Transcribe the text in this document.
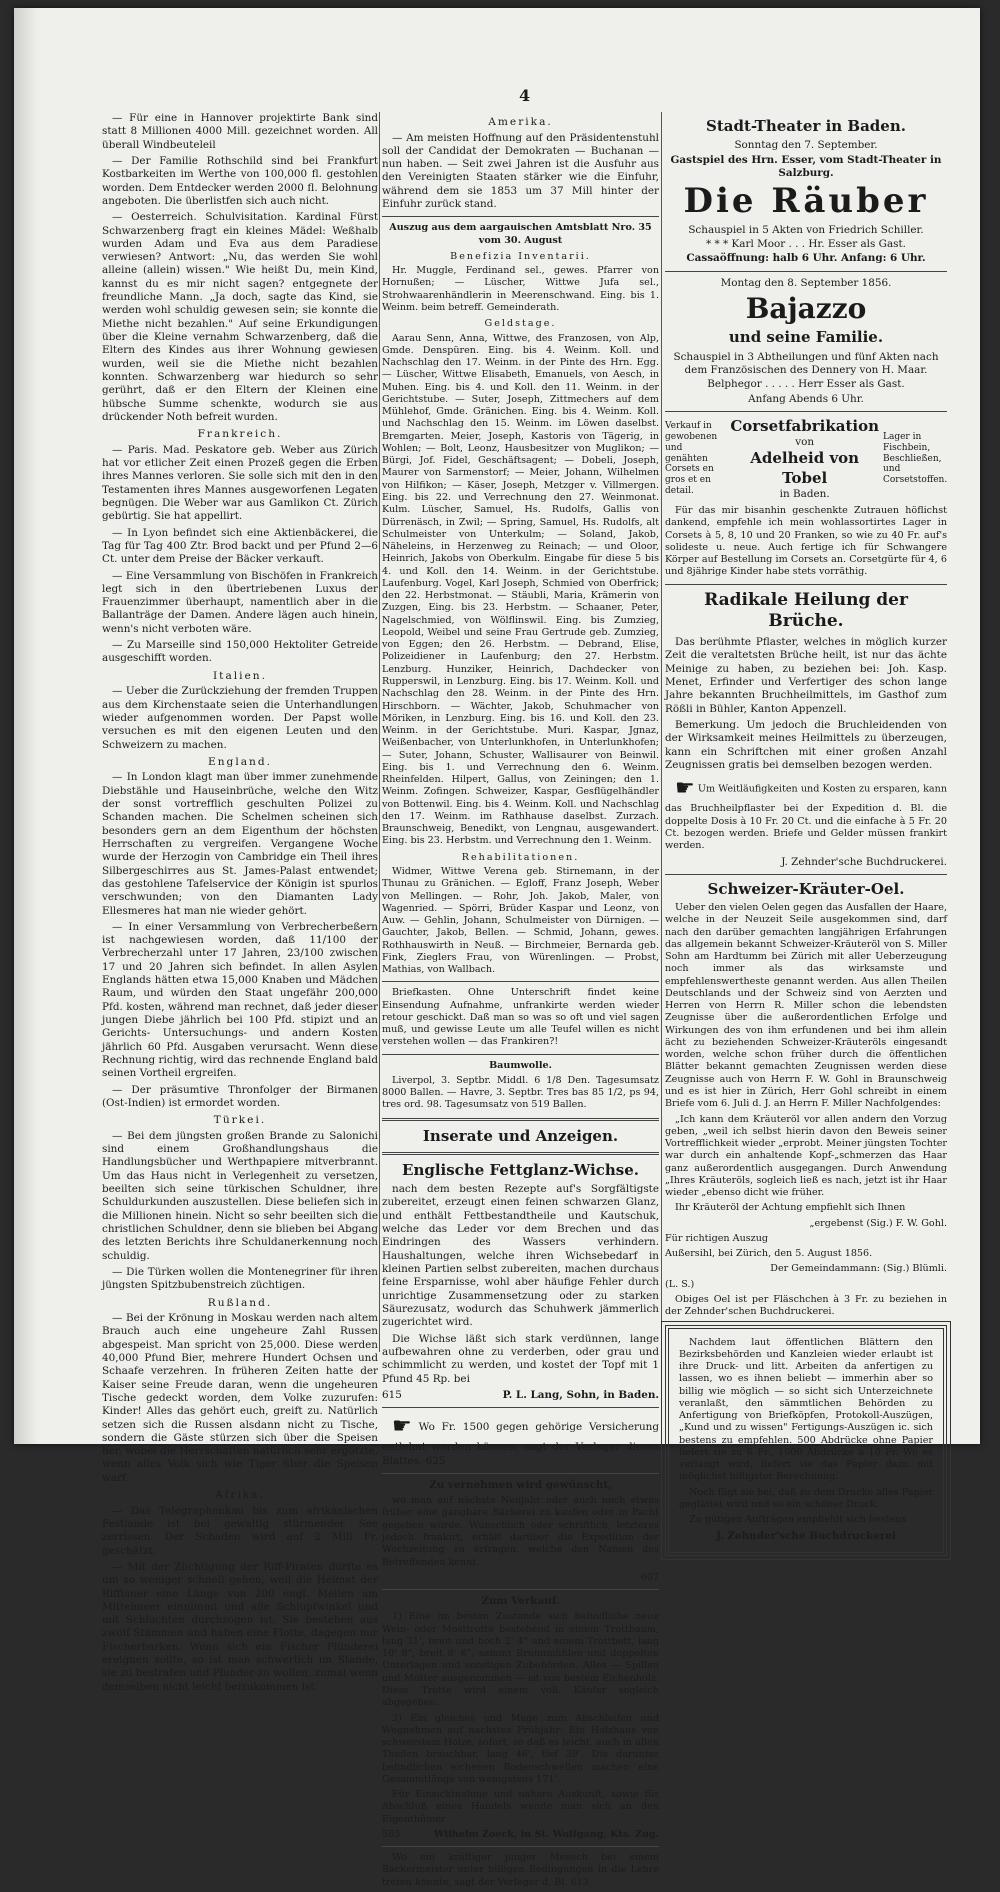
4

— Für eine in Hannover projektirte Bank sind statt 8 Millionen 4000 Mill. gezeichnet worden. All überall Windbeuteleil

— Der Familie Rothschild sind bei Frankfurt Kostbarkeiten im Werthe von 100,000 fl. gestohlen worden. Dem Entdecker werden 2000 fl. Belohnung angeboten. Die überlistfen sich auch nicht.

— Oesterreich. Schulvisitation. Kardinal Fürst Schwarzenberg fragt ein kleines Mädel: Weßhalb wurden Adam und Eva aus dem Paradiese verwiesen? Antwort: „Nu, das werden Sie wohl alleine (allein) wissen." Wie heißt Du, mein Kind, kannst du es mir nicht sagen? entgegnete der freundliche Mann. „Ja doch, sagte das Kind, sie werden wohl schuldig gewesen sein; sie konnte die Miethe nicht bezahlen." Auf seine Erkundigungen über die Kleine vernahm Schwarzenberg, daß die Eltern des Kindes aus ihrer Wohnung gewiesen wurden, weil sie die Miethe nicht bezahlen konnten. Schwarzenberg war hiedurch so sehr gerührt, daß er den Eltern der Kleinen eine hübsche Summe schenkte, wodurch sie aus drückender Noth befreit wurden.

Frankreich.

— Paris. Mad. Peskatore geb. Weber aus Zürich hat vor etlicher Zeit einen Prozeß gegen die Erben ihres Mannes verloren. Sie solle sich mit den in den Testamenten ihres Mannes ausgeworfenen Legaten begnügen. Die Weber war aus Gamlikon Ct. Zürich gebürtig. Sie hat appellirt.

— In Lyon befindet sich eine Aktienbäckerei, die Tag für Tag 400 Ztr. Brod backt und per Pfund 2—6 Ct. unter dem Preise der Bäcker verkauft.

— Eine Versammlung von Bischöfen in Frankreich legt sich in den übertriebenen Luxus der Frauenzimmer überhaupt, namentlich aber in die Ballanträge der Damen. Andere lägen auch hinein, wenn's nicht verboten wäre.

— Zu Marseille sind 150,000 Hektoliter Getreide ausgeschifft worden.

Italien.

— Ueber die Zurückziehung der fremden Truppen aus dem Kirchenstaate seien die Unterhandlungen wieder aufgenommen worden. Der Papst wolle versuchen es mit den eigenen Leuten und den Schweizern zu machen.

England.

— In London klagt man über immer zunehmende Diebstähle und Hauseinbrüche, welche den Witz der sonst vortrefflich geschulten Polizei zu Schanden machen. Die Schelmen scheinen sich besonders gern an dem Eigenthum der höchsten Herrschaften zu vergreifen. Vergangene Woche wurde der Herzogin von Cambridge ein Theil ihres Silbergeschirres aus St. James-Palast entwendet; das gestohlene Tafelservice der Königin ist spurlos verschwunden; von den Diamanten Lady Ellesmeres hat man nie wieder gehört.

— In einer Versammlung von Verbrecherbeßern ist nachgewiesen worden, daß 11/100 der Verbrecherzahl unter 17 Jahren, 23/100 zwischen 17 und 20 Jahren sich befindet. In allen Asylen Englands hätten etwa 15,000 Knaben und Mädchen Raum, und würden den Staat ungefähr 200,000 Pfd. kosten, während man rechnet, daß jeder dieser jungen Diebe jährlich bei 100 Pfd. stipizt und an Gerichts- Untersuchungs- und andern Kosten jährlich 60 Pfd. Ausgaben verursacht. Wenn diese Rechnung richtig, wird das rechnende England bald seinen Vortheil ergreifen.

— Der präsumtive Thronfolger der Birmanen (Ost-Indien) ist ermordet worden.

Türkei.

— Bei dem jüngsten großen Brande zu Salonichi sind einem Großhandlungshaus die Handlungsbücher und Werthpapiere mitverbrannt. Um das Haus nicht in Verlegenheit zu versetzen, beeilten sich seine türkischen Schuldner, ihre Schuldurkunden auszustellen. Diese beliefen sich in die Millionen hinein. Nicht so sehr beeilten sich die christlichen Schuldner, denn sie blieben bei Abgang des letzten Berichts ihre Schuldanerkennung noch schuldig.

— Die Türken wollen die Montenegriner für ihren jüngsten Spitzbubenstreich züchtigen.

Rußland.

— Bei der Krönung in Moskau werden nach altem Brauch auch eine ungeheure Zahl Russen abgespeist. Man spricht von 25,000. Diese werden 40,000 Pfund Bier, mehrere Hundert Ochsen und Schaafe verzehren. In früheren Zeiten hatte der Kaiser seine Freude daran, wenn die ungeheuren Tische gedeckt worden, dem Volke zuzurufen: Kinder! Alles das gehört euch, greift zu. Natürlich setzen sich die Russen alsdann nicht zu Tische, sondern die Gäste stürzen sich über die Speisen her, wobei die Herrschaften natürlich sehr ergötzte, wenn alles Volk sich wie Tiger über die Speisen warf.

Afrika.

— Das Telegraphenkau bis zum afrikanischen Festlande ist bei gewaltig stürmender See zerrissen. Der Schaden wird auf 2 Mill Fr. geschätzt.

— Mit der Züchtigung der Riff-Piraten dürfte es um so weniger schnell gehen, weil die Heimat der Riffianer eine Länge von 200 engl. Meilen am Mittelmeer einnimmt und alle Schlupfwinkel und mit Schluchten durchzogen ist. Sie bestehen aus zwölf Stämmen und haben eine Flotte, dagegen nur Fischerbarken. Wenn sich ein Fischer Plünderei ereignen sollte, so ist man schwerlich im Stande, sie zu bestrafen und Plunder-zu wollen, zumal wenn demselben nicht leicht beizukommen ist.

Amerika.

— Am meisten Hoffnung auf den Präsidentenstuhl soll der Candidat der Demokraten — Buchanan — nun haben. — Seit zwei Jahren ist die Ausfuhr aus den Vereinigten Staaten stärker wie die Einfuhr, während dem sie 1853 um 37 Mill hinter der Einfuhr zurück stand.

Auszug aus dem aargauischen Amtsblatt Nro. 35 vom 30. August
Benefizia Inventarii.

Hr. Muggle, Ferdinand sel., gewes. Pfarrer von Hornußen; — Lüscher, Wittwe Jufa sel., Strohwaarenhändlerin in Meerenschwand. Eing. bis 1. Weinm. beim betreff. Gemeinderath.

Geldstage.

Aarau Senn, Anna, Wittwe, des Franzosen, von Alp, Gmde. Denspüren. Eing. bis 4. Weinm. Koll. und Nachschlag den 17. Weinm. in der Pinte des Hrn. Egg. — Lüscher, Wittwe Elisabeth, Emanuels, von Aesch, in Muhen. Eing. bis 4. und Koll. den 11. Weinm. in der Gerichtstube. — Suter, Joseph, Zittmechers auf dem Mühlehof, Gmde. Gränichen. Eing. bis 4. Weinm. Koll. und Nachschlag den 15. Weinm. im Löwen daselbst. Bremgarten. Meier, Joseph, Kastoris von Tägerig, in Wohlen; — Bolt, Leonz, Hausbesitzer von Muglikon; — Bürgi, Jof. Fidel, Geschäftsagent; — Dobeli, Joseph, Maurer von Sarmenstorf; — Meier, Johann, Wilhelmen von Hilfikon; — Käser, Joseph, Metzger v. Villmergen. Eing. bis 22. und Verrechnung den 27. Weinmonat. Kulm. Lüscher, Samuel, Hs. Rudolfs, Gallis von Dürrenäsch, in Zwil; — Spring, Samuel, Hs. Rudolfs, alt Schulmeister von Unterkulm; — Soland, Jakob, Näheleins, in Herzenweg zu Reinach; — und Oloor, Heinrich, Jakobs von Oberkulm. Eingabe für diese 5 bis 4. und Koll. den 14. Weinm. in der Gerichtstube. Laufenburg. Vogel, Karl Joseph, Schmied von Oberfrick; den 22. Herbstmonat. — Stäubli, Maria, Krämerin von Zuzgen, Eing. bis 23. Herbstm. — Schaaner, Peter, Nagelschmied, von Wölflinswil. Eing. bis Zumzieg, Leopold, Weibel und seine Frau Gertrude geb. Zumzieg, von Eggen; den 26. Herbstm. — Debrand, Elise, Polizeidiener in Laufenburg; den 27. Herbstm. Lenzburg. Hunziker, Heinrich, Dachdecker von Rupperswil, in Lenzburg. Eing. bis 17. Weinm. Koll. und Nachschlag den 28. Weinm. in der Pinte des Hrn. Hirschborn. — Wächter, Jakob, Schuhmacher von Möriken, in Lenzburg. Eing. bis 16. und Koll. den 23. Weinm. in der Gerichtstube. Muri. Kaspar, Jgnaz, Weißenbacher, von Unterlunkhofen, in Unterlunkhofen; — Suter, Johann, Schuster, Wallisaurer von Beinwil. Eing. bis 1. und Verrechnung den 6. Weinm. Rheinfelden. Hilpert, Gallus, von Zeiningen; den 1. Weinm. Zofingen. Schweizer, Kaspar, Gesflügelhändler von Bottenwil. Eing. bis 4. Weinm. Koll. und Nachschlag den 17. Weinm. im Rathhause daselbst. Zurzach. Braunschweig, Benedikt, von Lengnau, ausgewandert. Eing. bis 23. Herbstm. und Verrechnung den 1. Weinm.

Rehabilitationen.

Widmer, Wittwe Verena geb. Stirnemann, in der Thunau zu Gränichen. — Egloff, Franz Joseph, Weber von Mellingen. — Rohr, Joh. Jakob, Maler, von Wagenried. — Spörri, Brüder Kaspar und Leonz, von Auw. — Gehlin, Johann, Schulmeister von Dürnigen. — Gauchter, Jakob, Bellen. — Schmid, Johann, gewes. Rothhauswirth in Neuß. — Birchmeier, Bernarda geb. Fink, Zieglers Frau, von Würenlingen. — Probst, Mathias, von Wallbach.

Briefkasten. Ohne Unterschrift findet keine Einsendung Aufnahme, unfrankirte werden wieder retour geschickt. Daß man so was so oft und viel sagen muß, und gewisse Leute um alle Teufel willen es nicht verstehen wollen — das Frankiren?!

Baumwolle.

Liverpol, 3. Septbr. Middl. 6 1/8 Den. Tagesumsatz 8000 Ballen. — Havre, 3. Septbr. Tres bas 85 1/2, ps 94, tres ord. 98. Tagesumsatz von 519 Ballen.

Inserate und Anzeigen.
Englische Fettglanz-Wichse.

nach dem besten Rezepte auf's Sorgfältigste zubereitet, erzeugt einen feinen schwarzen Glanz, und enthält Fettbestandtheile und Kautschuk, welche das Leder vor dem Brechen und das Eindringen des Wassers verhindern. Haushaltungen, welche ihren Wichsebedarf in kleinen Partien selbst zubereiten, machen durchaus feine Ersparnisse, wohl aber häufige Fehler durch unrichtige Zusammensetzung oder zu starken Säurezusatz, wodurch das Schuhwerk jämmerlich zugerichtet wird.

Die Wichse läßt sich stark verdünnen, lange aufbewahren ohne zu verderben, oder grau und schimmlicht zu werden, und kostet der Topf mit 1 Pfund 45 Rp. bei

615	P. L. Lang, Sohn, in Baden.

☛ Wo Fr. 1500 gegen gehörige Versicherung entlehnt werden können, sagt der Verleger dieses Blattes. 625

Zu vernehmen wird gewünscht,

wo man auf nächste Neujahr oder auch noch etwas früher eine gangbare Bäckerei zu kaufen oder in Pacht gegeben würde. Wünschlich oder schriftlich, letzteres jedoch frankirt, erhält darüber die Expedition der Wochzeitung zu erfragen, welche den Namen des Betreffenden kennt.

607
Zum Verkauf.

1) Eine im besten Zustande sich befindliche neue Wein- oder Mosttrotte bestehend in einem Trottbaum, lang 31', breit und hoch 2' 4" und einem Trottbett, lang 10' 8", breit 8' 6", sammt Brunnmühlen und doppelten Unterlagen und sonstigen Zubehörden. Alles — Spillen und Mutter ausgenommen — ist von bestem Eichenholz. Diese Trotte wird einem voll. Käufer sogleich abgegeben.

2) Ein gleiches und Mage zum Abschleifen und Wegnehmen auf nachstes Frühjahr: Ein Holzhaus von schwerstem Holze, sofort, so daß es leicht, auch in allen Theilen brauchbar, lang 46', tief 39'. Die darunter befindlichen eichenen Bodenschwellen machen eine Gesammtlänge von wenigstens 171'.

Für Einsichtnahme und nähere Auskunft, sowie für Abschluß eines Handels wende man sich an den Eigenthümer

585	Wilhelm Zoeck, in St. Wolfgang, Kts. Zug.

Wo ein kräftiger junger Mensch bei einem Bäckermeister unter billigen Bedingungen in die Lehre treten könnte, sagt der Verleger d. Bl. 613

Stadt-Theater in Baden.

Sonntag den 7. September.

Gastspiel des Hrn. Esser, vom Stadt-Theater in Salzburg.

Die Räuber

Schauspiel in 5 Akten von Friedrich Schiller.

* * * Karl Moor . . . Hr. Esser als Gast.

Cassaöffnung: halb 6 Uhr. Anfang: 6 Uhr.

Montag den 8. September 1856.

Bajazzo
und seine Familie.

Schauspiel in 3 Abtheilungen und fünf Akten nach dem Französischen des Dennery von H. Maar.

Belphegor . . . . . Herr Esser als Gast.

Anfang Abends 6 Uhr.

Verkauf in gewobenen und genähten Corsets en gros et en detail.
Corsetfabrikation
von
Adelheid von Tobel
in Baden.
Lager in Fischbein, Beschließen, und Corsetstoffen.

Für das mir bisanhin geschenkte Zutrauen höflichst dankend, empfehle ich mein wohlassortirtes Lager in Corsets à 5, 8, 10 und 20 Franken, so wie zu 40 Fr. auf's solideste u. neue. Auch fertige ich für Schwangere Körper auf Bestellung im Corsets an. Corsetgürte für 4, 6 und 8jährige Kinder habe stets vorräthig.

Radikale Heilung der Brüche.

Das berühmte Pflaster, welches in möglich kurzer Zeit die veraltetsten Brüche heilt, ist nur das ächte Meinige zu haben, zu beziehen bei: Joh. Kasp. Menet, Erfinder und Verfertiger des schon lange Jahre bekannten Bruchheilmittels, im Gasthof zum Rößli in Bühler, Kanton Appenzell.

Bemerkung. Um jedoch die Bruchleidenden von der Wirksamkeit meines Heilmittels zu überzeugen, kann ein Schriftchen mit einer großen Anzahl Zeugnissen gratis bei demselben bezogen werden.

☛ Um Weitläufigkeiten und Kosten zu ersparen, kann das Bruchheilpflaster bei der Expedition d. Bl. die doppelte Dosis à 10 Fr. 20 Ct. und die einfache à 5 Fr. 20 Ct. bezogen werden. Briefe und Gelder müssen frankirt werden.

J. Zehnder'sche Buchdruckerei.

Schweizer-Kräuter-Oel.

Ueber den vielen Oelen gegen das Ausfallen der Haare, welche in der Neuzeit Seile ausgekommen sind, darf nach den darüber gemachten langjährigen Erfahrungen das allgemein bekannt Schweizer-Kräuteröl von S. Miller Sohn am Hardtumm bei Zürich mit aller Ueberzeugung noch immer als das wirksamste und empfehlenswertheste genannt werden. Aus allen Theilen Deutschlands und der Schweiz sind von Aerzten und Herren von Herrn R. Miller schon die lebendsten Zeugnisse über die außerordentlichen Erfolge und Wirkungen des von ihm erfundenen und bei ihm allein ächt zu beziehenden Schweizer-Kräuteröls eingesandt worden, welche schon früher durch die öffentlichen Blätter bekannt gemachten Zeugnissen werden diese Zeugnisse auch von Herrn F. W. Gohl in Braunschweig und es ist hier in Zürich, Herr Gohl schreibt in einem Briefe vom 6. Juli d. J. an Herrn F. Miller Nachfolgendes:

„Ich kann dem Kräuteröl vor allen andern den Vorzug geben, „weil ich selbst hierin davon den Beweis seiner Vortrefflichkeit wieder „erprobt. Meiner jüngsten Tochter war durch ein anhaltende Kopf-„schmerzen das Haar ganz außerordentlich ausgegangen. Durch Anwendung „Ihres Kräuteröls, sogleich ließ es nach, jetzt ist ihr Haar wieder „ebenso dicht wie früher.

Ihr Kräuteröl der Achtung empfiehlt sich Ihnen

„ergebenst (Sig.) F. W. Gohl.

Für richtigen Auszug

Außersihl, bei Zürich, den 5. August 1856.

Der Gemeindammann: (Sig.) Blümli.

(L. S.)

Obiges Oel ist per Fläschchen à 3 Fr. zu beziehen in der Zehnder'schen Buchdruckerei.

Nachdem laut öffentlichen Blättern den Bezirksbehörden und Kanzleien wieder erlaubt ist ihre Druck- und litt. Arbeiten da anfertigen zu lassen, wo es ihnen beliebt — immerhin aber so billig wie möglich — so sicht sich Unterzeichnete veranlaßt, den sämmtlichen Behörden zu Anfertigung von Briefköpfen, Protokoll-Auszügen, „Kund und zu wissen" Fertigungs-Auszügen ic. sich bestens zu empfehlen. 500 Abdrücke ohne Papier liefert sie zu 6 Fr., 1000 Abdrücke à 10 Fr. Wo es verlangt wird, liefert sie das Papier dazu mit möglichst billigster Berechnung.

Noch fügt sie bei, daß zu dem Drucke alles Papier geglättet wird und so ein schöner Druck.

Zu gütigen Aufträgen empfiehlt sich bestens

J. Zehnder'sche Buchdruckerei
